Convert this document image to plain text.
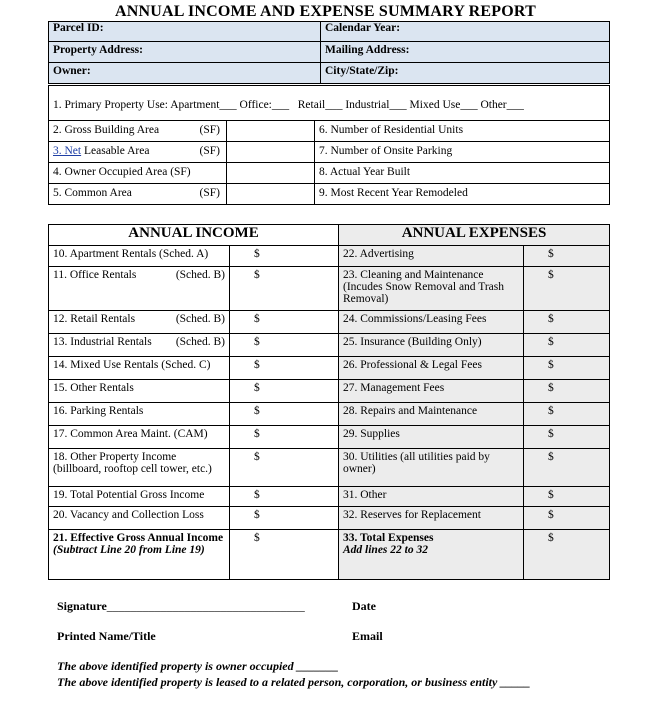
ANNUAL INCOME AND EXPENSE SUMMARY REPORT
Parcel ID:	Calendar Year:
Property Address:	Mailing Address:
Owner:	City/State/Zip:
1. Primary Property Use: Apartment___ Office:___   Retail___ Industrial___ Mixed Use___ Other___		
2. Gross Building Area (SF)		6. Number of Residential Units
3. Net Leasable Area (SF)		7. Number of Onsite Parking
4. Owner Occupied Area (SF)		8. Actual Year Built
5. Common Area (SF)		9. Most Recent Year Remodeled
ANNUAL INCOME		ANNUAL EXPENSES	
10. Apartment Rentals (Sched. A)	$	22. Advertising	$
11. Office Rentals (Sched. B)	$	23. Cleaning and Maintenance (Incudes Snow Removal and Trash Removal)	$
12. Retail Rentals (Sched. B)	$	24. Commissions/Leasing Fees	$
13. Industrial Rentals (Sched. B)	$	25. Insurance (Building Only)	$
14. Mixed Use Rentals (Sched. C)	$	26. Professional & Legal Fees	$
15. Other Rentals	$	27. Management Fees	$
16. Parking Rentals	$	28. Repairs and Maintenance	$
17. Common Area Maint. (CAM)	$	29. Supplies	$
18. Other Property Income
(billboard, rooftop cell tower, etc.)	$	30. Utilities (all utilities paid by owner)	$
19. Total Potential Gross Income	$	31. Other	$
20. Vacancy and Collection Loss	$	32. Reserves for Replacement	$
21. Effective Gross Annual Income
(Subtract Line 20 from Line 19)	$	33. Total Expenses
Add lines 22 to 32	$
Signature_________________________________	Date
Printed Name/Title	Email
The above identified property is owner occupied _______
The above identified property is leased to a related person, corporation, or business entity _____
